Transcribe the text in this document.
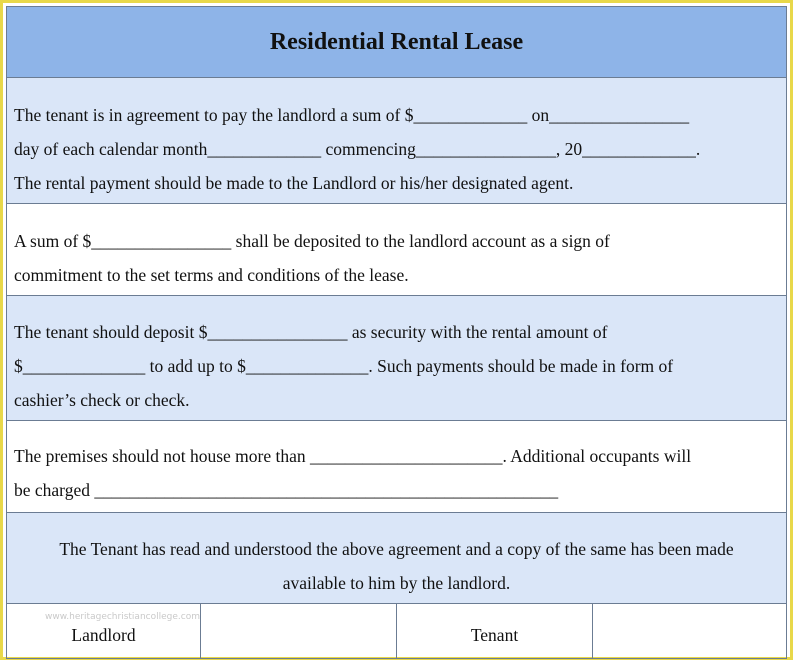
Residential Rental Lease

The tenant is in agreement to pay the landlord a sum of $_____________ on________________

day of each calendar month_____________ commencing________________, 20_____________.

The rental payment should be made to the Landlord or his/her designated agent.

A sum of $________________ shall be deposited to the landlord account as a sign of

commitment to the set terms and conditions of the lease.

The tenant should deposit $________________ as security with the rental amount of

$______________ to add up to $______________. Such payments should be made in form of

cashier’s check or check.

The premises should not house more than ______________________. Additional occupants will

be charged _____________________________________________________

The Tenant has read and understood the above agreement and a copy of the same has been made

available to him by the landlord.

Landlord	Tenant
www.heritagechristiancollege.com
